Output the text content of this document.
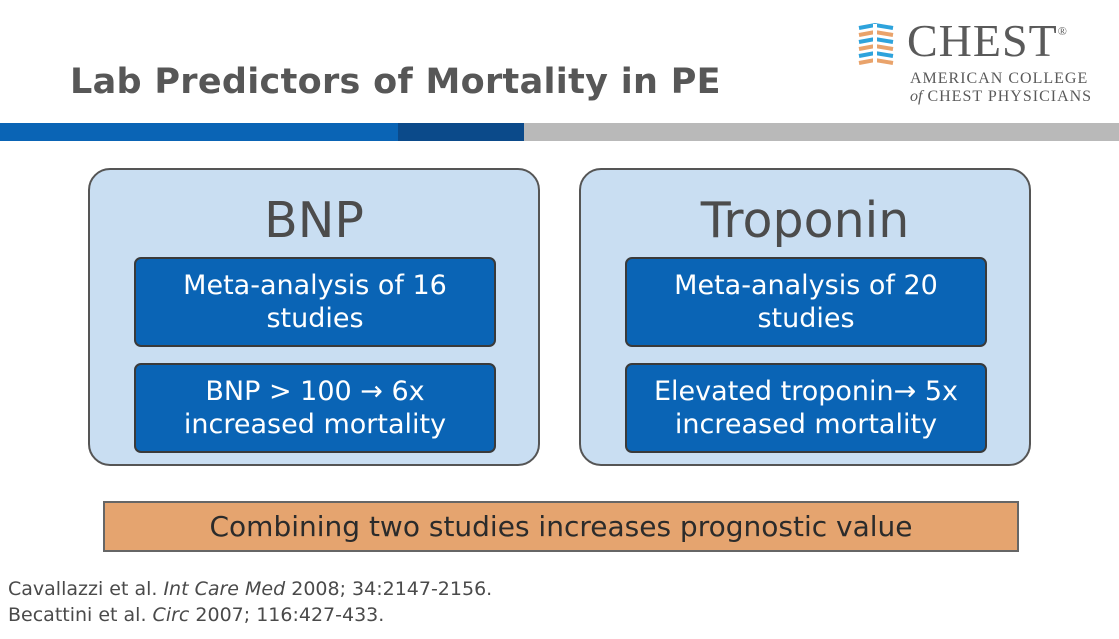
Lab Predictors of Mortality in PE
CHEST®
AMERICAN COLLEGE
of CHEST PHYSICIANS
BNP
Meta-analysis of 16
studies
BNP > 100 → 6x
increased mortality
Troponin
Meta-analysis of 20
studies
Elevated troponin→ 5x
increased mortality
Combining two studies increases prognostic value
Cavallazzi et al. Int Care Med 2008; 34:2147-2156.
Becattini et al. Circ 2007; 116:427-433.
